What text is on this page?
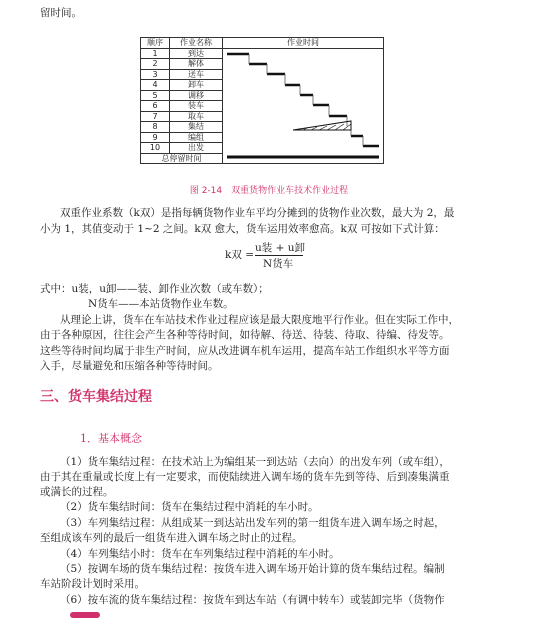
留时间。
顺序	作业名称	作业时间
1	到达	

2	解体	
3	送车	
4	卸车	
5	调移	
6	装车	
7	取车	
8	集结	
9	编组	
10	出发	
总停留时间		
图 2-14　双重货物作业车技术作业过程
双重作业系数（k双）是指每辆货物作业车平均分摊到的货物作业次数，最大为 2，最
小为 1，其值变动于 1~2 之间。k双 愈大，货车运用效率愈高。k双 可按如下式计算：
k双 =
u装 + u卸
N货车
式中：u装，u卸——装、卸作业次数（或车数）；
N货车——本站货物作业车数。
从理论上讲，货车在车站技术作业过程应该是最大限度地平行作业。但在实际工作中，
由于各种原因，往往会产生各种等待时间，如待解、待送、待装、待取、待编、待发等。
这些等待时间均属于非生产时间，应从改进调车机车运用，提高车站工作组织水平等方面
入手，尽量避免和压缩各种等待时间。
三、货车集结过程
1．基本概念
（1）货车集结过程：在技术站上为编组某一到达站（去向）的出发车列（或车组），
由于其在重量或长度上有一定要求，而使陆续进入调车场的货车先到等待、后到凑集满重
或满长的过程。
（2）货车集结时间：货车在集结过程中消耗的车小时。
（3）车列集结过程：从组成某一到达站出发车列的第一组货车进入调车场之时起，
至组成该车列的最后一组货车进入调车场之时止的过程。
（4）车列集结小时：货车在车列集结过程中消耗的车小时。
（5）按调车场的货车集结过程：按货车进入调车场开始计算的货车集结过程。编制
车站阶段计划时采用。
（6）按车流的货车集结过程：按货车到达车站（有调中转车）或装卸完毕（货物作
